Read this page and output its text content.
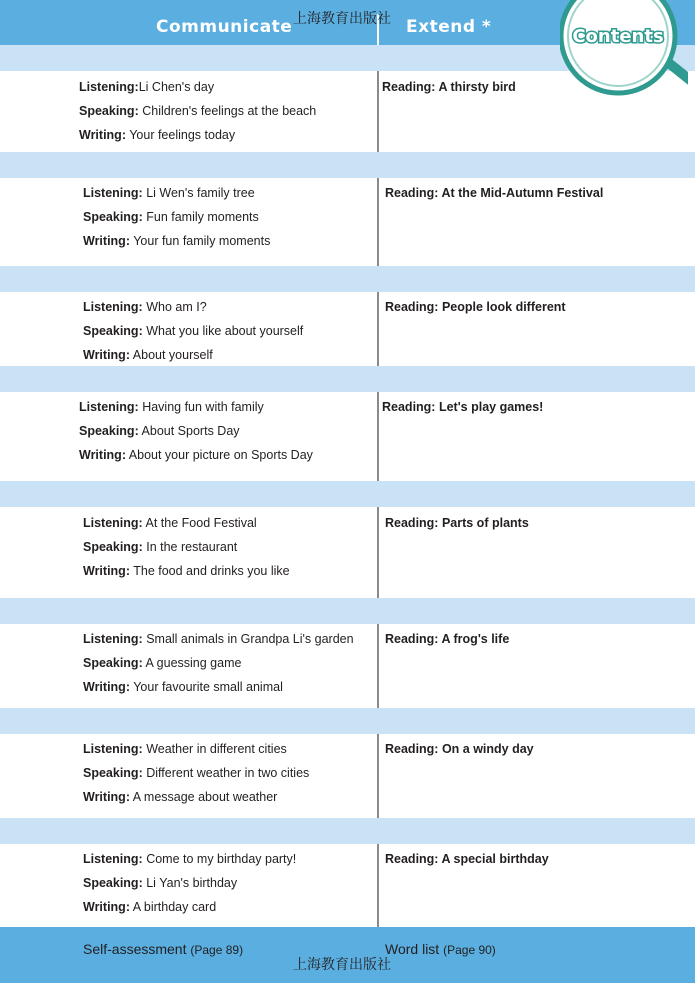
Communicate	Extend *
上海教育出版社
Listening:Li Chen's day
Speaking: Children's feelings at the beach
Writing: Your feelings today
Reading: A thirsty bird
Listening: Li Wen's family tree
Speaking: Fun family moments
Writing: Your fun family moments
Reading: At the Mid-Autumn Festival
Listening: Who am I?
Speaking: What you like about yourself
Writing: About yourself
Reading: People look different
Listening: Having fun with family
Speaking: About Sports Day
Writing: About your picture on Sports Day
Reading: Let's play games!
Listening: At the Food Festival
Speaking: In the restaurant
Writing: The food and drinks you like
Reading: Parts of plants
Listening: Small animals in Grandpa Li's garden
Speaking: A guessing game
Writing: Your favourite small animal
Reading: A frog's life
Listening: Weather in different cities
Speaking: Different weather in two cities
Writing: A message about weather
Reading: On a windy day
Listening: Come to my birthday party!
Speaking: Li Yan's birthday
Writing: A birthday card
Reading: A special birthday
Self-assessment (Page 89)	Word list (Page 90)
上海教育出版社
Contents
